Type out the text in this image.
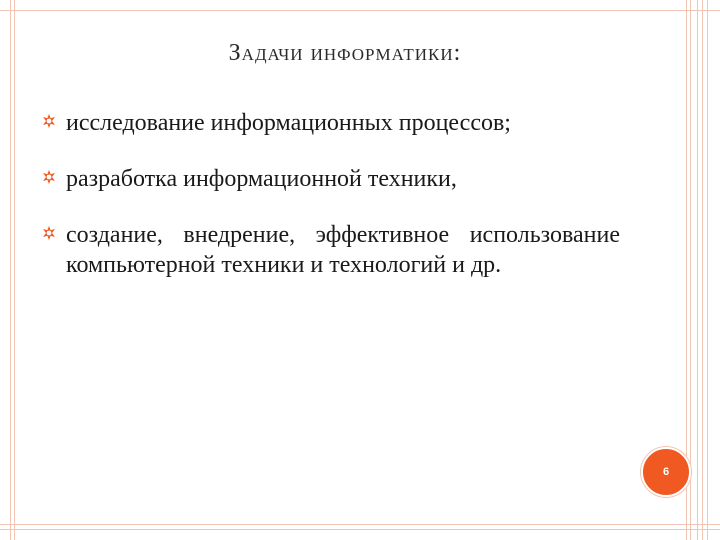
Задачи информатики:
исследование информационных процессов;
разработка информационной техники,
создание, внедрение, эффективное использование компьютерной техники и технологий и др.
6
